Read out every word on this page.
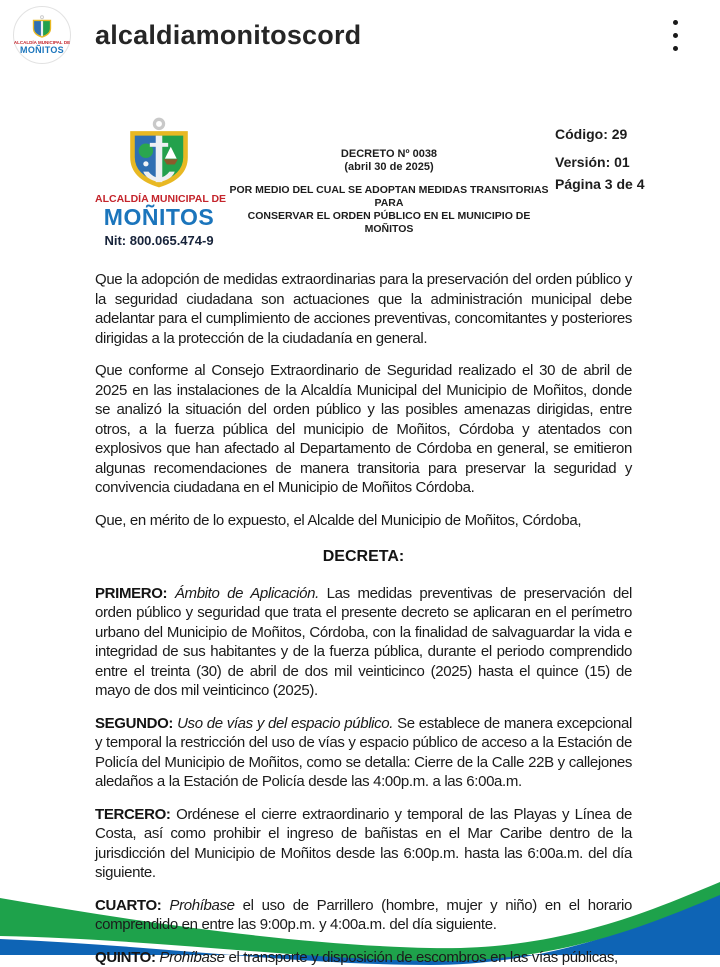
ALCALDÍA MUNICIPAL DE
MOÑITOS
alcaldiamonitoscord
ALCALDÍA MUNICIPAL DE
MOÑITOS
Nit: 800.065.474-9
DECRETO Nº 0038
(abril 30 de 2025)
POR MEDIO DEL CUAL SE ADOPTAN MEDIDAS TRANSITORIAS PARA
CONSERVAR EL ORDEN PÚBLICO EN EL MUNICIPIO DE MOÑITOS
Código: 29
Versión: 01
Página 3 de 4

Que la adopción de medidas extraordinarias para la preservación del orden público y la seguridad ciudadana son actuaciones que la administración municipal debe adelantar para el cumplimiento de acciones preventivas, concomitantes y posteriores dirigidas a la protección de la ciudadanía en general.

Que conforme al Consejo Extraordinario de Seguridad realizado el 30 de abril de 2025 en las instalaciones de la Alcaldía Municipal del Municipio de Moñitos, donde se analizó la situación del orden público y las posibles amenazas dirigidas, entre otros, a la fuerza pública del municipio de Moñitos, Córdoba y atentados con explosivos que han afectado al Departamento de Córdoba en general, se emitieron algunas recomendaciones de manera transitoria para preservar la seguridad y convivencia ciudadana en el Municipio de Moñitos Córdoba.

Que, en mérito de lo expuesto, el Alcalde del Municipio de Moñitos, Córdoba,

DECRETA:

PRIMERO: Ámbito de Aplicación. Las medidas preventivas de preservación del orden público y seguridad que trata el presente decreto se aplicaran en el perímetro urbano del Municipio de Moñitos, Córdoba, con la finalidad de salvaguardar la vida e integridad de sus habitantes y de la fuerza pública, durante el periodo comprendido entre el treinta (30) de abril de dos mil veinticinco (2025) hasta el quince (15) de mayo de dos mil veinticinco (2025).

SEGUNDO: Uso de vías y del espacio público. Se establece de manera excepcional y temporal la restricción del uso de vías y espacio público de acceso a la Estación de Policía del Municipio de Moñitos, como se detalla: Cierre de la Calle 22B y callejones aledaños a la Estación de Policía desde las 4:00p.m. a las 6:00a.m.

TERCERO: Ordénese el cierre extraordinario y temporal de las Playas y Línea de Costa, así como prohibir el ingreso de bañistas en el Mar Caribe dentro de la jurisdicción del Municipio de Moñitos desde las 6:00p.m. hasta las 6:00a.m. del día siguiente.

CUARTO: Prohíbase el uso de Parrillero (hombre, mujer y niño) en el horario comprendido en entre las 9:00p.m. y 4:00a.m. del día siguiente.

QUINTO: Prohíbase el transporte y disposición de escombros en las vías públicas,
